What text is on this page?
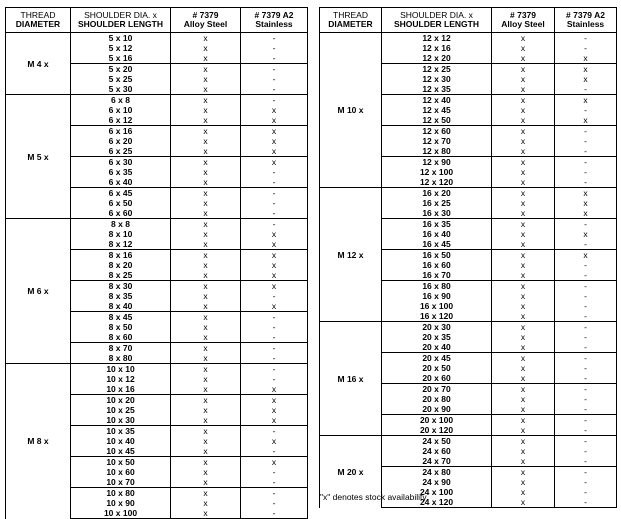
THREAD
DIAMETER	SHOULDER DIA. x
SHOULDER LENGTH	# 7379
Alloy Steel	# 7379 A2
Stainless

M 4 x	5 x 10	x	-
	5 x 12	x	-
	5 x 16	x	-
	5 x 20	x	-
	5 x 25	x	-
	5 x 30	x	-
M 5 x	6 x 8	x	-
	6 x 10	x	x
	6 x 12	x	x
	6 x 16	x	x
	6 x 20	x	x
	6 x 25	x	x
	6 x 30	x	x
	6 x 35	x	-
	6 x 40	x	-
	6 x 45	x	-
	6 x 50	x	-
	6 x 60	x	-
M 6 x	8 x 8	x	-
	8 x 10	x	x
	8 x 12	x	x
	8 x 16	x	x
	8 x 20	x	x
	8 x 25	x	x
	8 x 30	x	x
	8 x 35	x	-
	8 x 40	x	x
	8 x 45	x	-
	8 x 50	x	-
	8 x 60	x	-
	8 x 70	x	-
	8 x 80	x	-
M 8 x	10 x 10	x	-
	10 x 12	x	-
	10 x 16	x	x
	10 x 20	x	x
	10 x 25	x	x
	10 x 30	x	x
	10 x 35	x	-
	10 x 40	x	x
	10 x 45	x	-
	10 x 50	x	x
	10 x 60	x	-
	10 x 70	x	-
	10 x 80	x	-
	10 x 90	x	-
	10 x 100	x	-
THREAD
DIAMETER	SHOULDER DIA. x
SHOULDER LENGTH	# 7379
Alloy Steel	# 7379 A2
Stainless

M 10 x	12 x 12	x	-
	12 x 16	x	-
	12 x 20	x	x
	12 x 25	x	x
	12 x 30	x	x
	12 x 35	x	-
	12 x 40	x	x
	12 x 45	x	-
	12 x 50	x	x
	12 x 60	x	-
	12 x 70	x	-
	12 x 80	x	-
	12 x 90	x	-
	12 x 100	x	-
	12 x 120	x	-
M 12 x	16 x 20	x	x
	16 x 25	x	x
	16 x 30	x	x
	16 x 35	x	-
	16 x 40	x	x
	16 x 45	x	-
	16 x 50	x	x
	16 x 60	x	-
	16 x 70	x	-
	16 x 80	x	-
	16 x 90	x	-
	16 x 100	x	-
	16 x 120	x	-
M 16 x	20 x 30	x	-
	20 x 35	x	-
	20 x 40	x	-
	20 x 45	x	-
	20 x 50	x	-
	20 x 60	x	-
	20 x 70	x	-
	20 x 80	x	-
	20 x 90	x	-
	20 x 100	x	-
	20 x 120	x	-
M 20 x	24 x 50	x	-
	24 x 60	x	-
	24 x 70	x	-
	24 x 80	x	-
	24 x 90	x	-
	24 x 100	x	-
	24 x 120	x	-
"x" denotes stock availability
